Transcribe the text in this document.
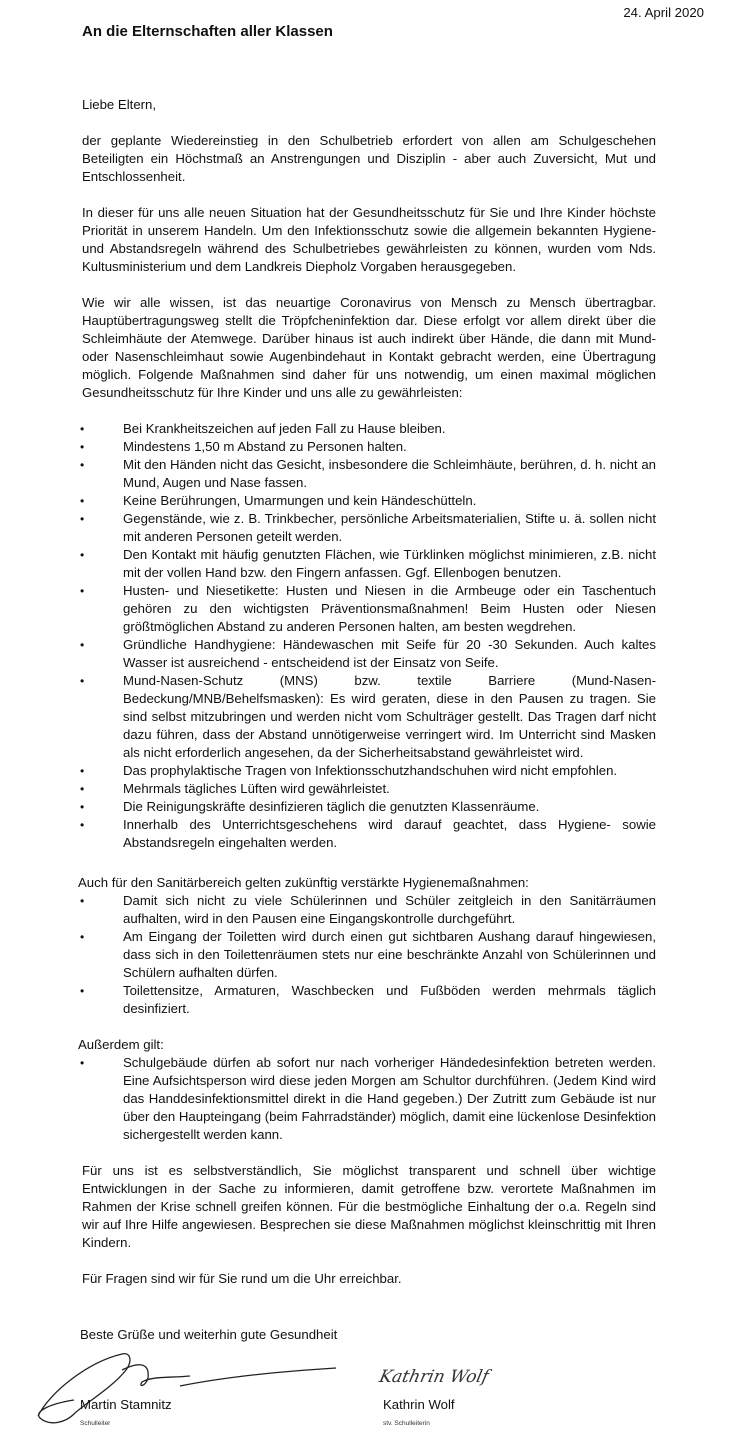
24. April 2020
An die Elternschaften aller Klassen
Liebe Eltern,
der geplante Wiedereinstieg in den Schulbetrieb erfordert von allen am Schulgeschehen Beteiligten ein Höchstmaß an Anstrengungen und Disziplin - aber auch Zuversicht, Mut und Entschlossenheit.
In dieser für uns alle neuen Situation hat der Gesundheitsschutz für Sie und Ihre Kinder höchste Priorität in unserem Handeln. Um den Infektionsschutz sowie die allgemein bekannten Hygiene- und Abstandsregeln während des Schulbetriebes gewährleisten zu können, wurden vom Nds. Kultusministerium und dem Landkreis Diepholz Vorgaben herausgegeben.
Wie wir alle wissen, ist das neuartige Coronavirus von Mensch zu Mensch übertragbar. Hauptübertragungsweg stellt die Tröpfcheninfektion dar. Diese erfolgt vor allem direkt über die Schleimhäute der Atemwege. Darüber hinaus ist auch indirekt über Hände, die dann mit Mund- oder Nasenschleimhaut sowie Augenbindehaut in Kontakt gebracht werden, eine Übertragung möglich. Folgende Maßnahmen sind daher für uns notwendig, um einen maximal möglichen Gesundheitsschutz für Ihre Kinder und uns alle zu gewährleisten:
• Bei Krankheitszeichen auf jeden Fall zu Hause bleiben.
• Mindestens 1,50 m Abstand zu Personen halten.
• Mit den Händen nicht das Gesicht, insbesondere die Schleimhäute, berühren, d. h. nicht an Mund, Augen und Nase fassen.
• Keine Berührungen, Umarmungen und kein Händeschütteln.
• Gegenstände, wie z. B. Trinkbecher, persönliche Arbeitsmaterialien, Stifte u. ä. sollen nicht mit anderen Personen geteilt werden.
• Den Kontakt mit häufig genutzten Flächen, wie Türklinken möglichst minimieren, z.B. nicht mit der vollen Hand bzw. den Fingern anfassen. Ggf. Ellenbogen benutzen.
• Husten- und Niesetikette: Husten und Niesen in die Armbeuge oder ein Taschentuch gehören zu den wichtigsten Präventionsmaßnahmen! Beim Husten oder Niesen größtmöglichen Abstand zu anderen Personen halten, am besten wegdrehen.
• Gründliche Handhygiene: Händewaschen mit Seife für 20 -30 Sekunden. Auch kaltes Wasser ist ausreichend - entscheidend ist der Einsatz von Seife.
• Mund-Nasen-Schutz (MNS) bzw. textile Barriere (Mund-Nasen-Bedeckung/MNB/Behelfsmasken): Es wird geraten, diese in den Pausen zu tragen. Sie sind selbst mitzubringen und werden nicht vom Schulträger gestellt. Das Tragen darf nicht dazu führen, dass der Abstand unnötigerweise verringert wird. Im Unterricht sind Masken als nicht erforderlich angesehen, da der Sicherheitsabstand gewährleistet wird.
• Das prophylaktische Tragen von Infektionsschutzhandschuhen wird nicht empfohlen.
• Mehrmals tägliches Lüften wird gewährleistet.
• Die Reinigungskräfte desinfizieren täglich die genutzten Klassenräume.
• Innerhalb des Unterrichtsgeschehens wird darauf geachtet, dass Hygiene- sowie Abstandsregeln eingehalten werden.
Auch für den Sanitärbereich gelten zukünftig verstärkte Hygienemaßnahmen:
• Damit sich nicht zu viele Schülerinnen und Schüler zeitgleich in den Sanitärräumen aufhalten, wird in den Pausen eine Eingangskontrolle durchgeführt.
• Am Eingang der Toiletten wird durch einen gut sichtbaren Aushang darauf hingewiesen, dass sich in den Toilettenräumen stets nur eine beschränkte Anzahl von Schülerinnen und Schülern aufhalten dürfen.
• Toilettensitze, Armaturen, Waschbecken und Fußböden werden mehrmals täglich desinfiziert.
Außerdem gilt:
• Schulgebäude dürfen ab sofort nur nach vorheriger Händedesinfektion betreten werden. Eine Aufsichtsperson wird diese jeden Morgen am Schultor durchführen. (Jedem Kind wird das Handdesinfektionsmittel direkt in die Hand gegeben.) Der Zutritt zum Gebäude ist nur über den Haupteingang (beim Fahrradständer) möglich, damit eine lückenlose Desinfektion sichergestellt werden kann.
Für uns ist es selbstverständlich, Sie möglichst transparent und schnell über wichtige Entwicklungen in der Sache zu informieren, damit getroffene bzw. verortete Maßnahmen im Rahmen der Krise schnell greifen können. Für die bestmögliche Einhaltung der o.a. Regeln sind wir auf Ihre Hilfe angewiesen. Besprechen sie diese Maßnahmen möglichst kleinschrittig mit Ihren Kindern.
Für Fragen sind wir für Sie rund um die Uhr erreichbar.
Beste Grüße und weiterhin gute Gesundheit
Kathrin Wolf
Martin Stamnitz
Schulleiter
Kathrin Wolf
stv. Schulleiterin
